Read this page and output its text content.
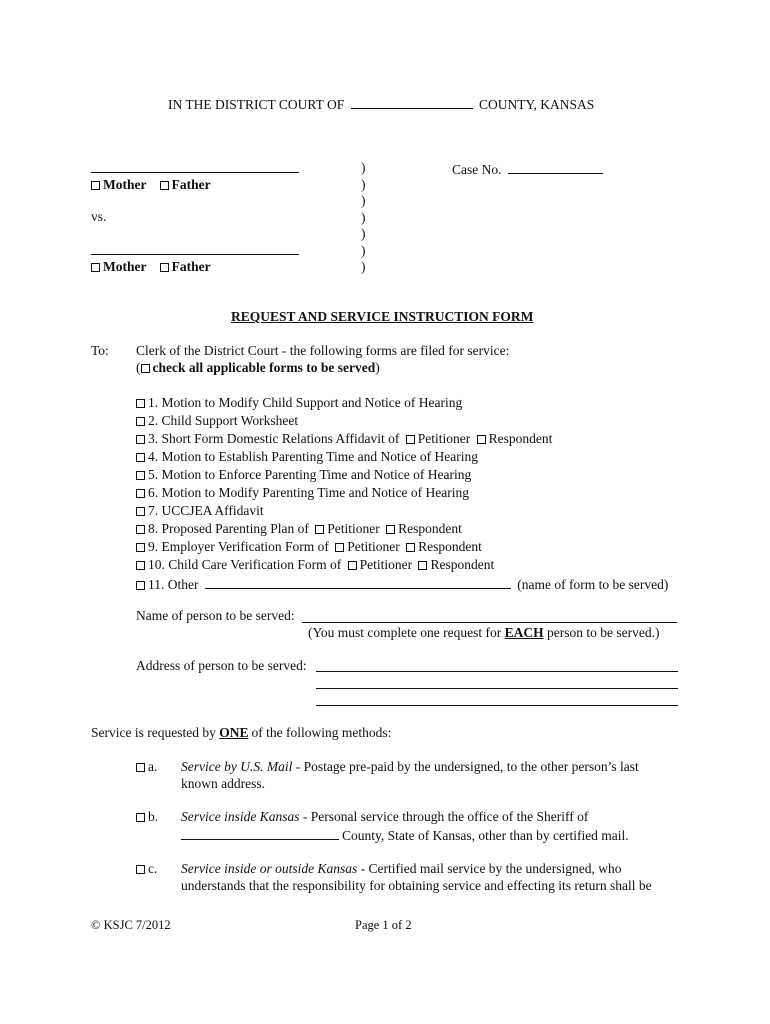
IN THE DISTRICT COURT OF	COUNTY, KANSAS
Mother Father
vs.
Mother Father
)
)
)
)
)
)
)
Case No.
REQUEST AND SERVICE INSTRUCTION FORM
To: Clerk of the District Court - the following forms are filed for service:
( check all applicable forms to be served)
1. Motion to Modify Child Support and Notice of Hearing
2. Child Support Worksheet
3. Short Form Domestic Relations Affidavit of Petitioner Respondent
4. Motion to Establish Parenting Time and Notice of Hearing
5. Motion to Enforce Parenting Time and Notice of Hearing
6. Motion to Modify Parenting Time and Notice of Hearing
7. UCCJEA Affidavit
8. Proposed Parenting Plan of Petitioner Respondent
9. Employer Verification Form of Petitioner Respondent
10. Child Care Verification Form of Petitioner Respondent
11. Other	(name of form to be served)
Name of person to be served:
(You must complete one request for EACH person to be served.)
Address of person to be served:
Service is requested by ONE of the following methods:
a. Service by U.S. Mail - Postage pre-paid by the undersigned, to the other person’s last
known address.
b. Service inside Kansas - Personal service through the office of the Sheriff of
County, State of Kansas, other than by certified mail.
c. Service inside or outside Kansas - Certified mail service by the undersigned, who
understands that the responsibility for obtaining service and effecting its return shall be
© KSJC 7/2012	Page 1 of 2
